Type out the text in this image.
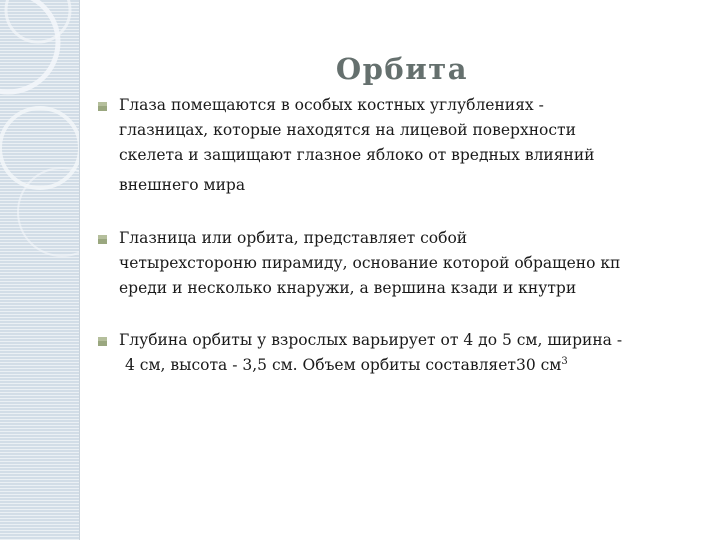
Орбита
Глаза помещаются в особых костных углублениях -
глазницах, которые находятся на лицевой поверхности
скелета и защищают глазное яблоко от вредных влияний
внешнего мира
Глазница или орбита, представляет собой
четырехстороню пирамиду, основание которой обращено кп
ереди и несколько кнаружи, а вершина кзади и кнутри
Глубина орбиты у взрослых варьирует от 4 до 5 см, ширина -
4 см, высота - 3,5 см. Объем орбиты составляет30 $см^3$
